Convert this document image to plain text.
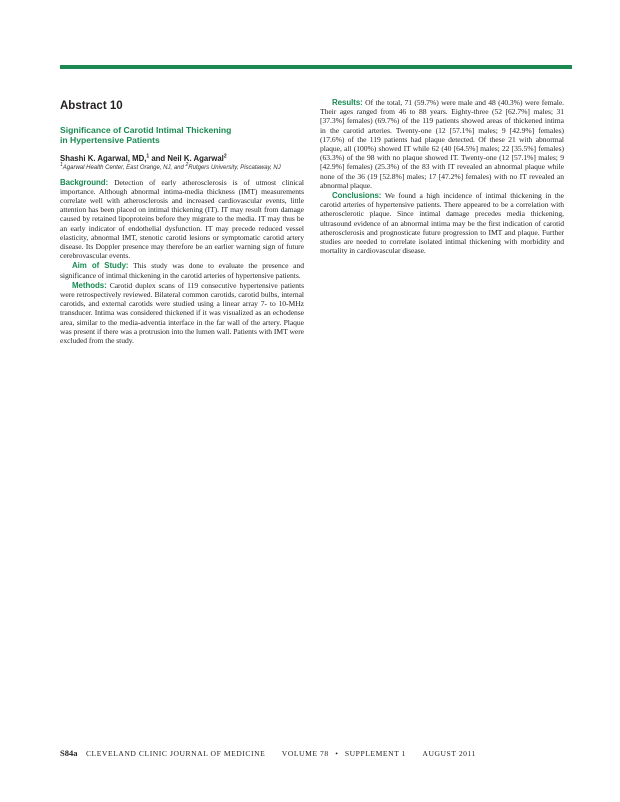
Abstract 10
Significance of Carotid Intimal Thickening
in Hypertensive Patients

Shashi K. Agarwal, MD,$^1$ and Neil K. Agarwal$^2$

$^1$Agarwal Health Center, East Orange, NJ, and $^2$Rutgers University, Piscataway, NJ

Background: Detection of early atherosclerosis is of utmost clinical importance. Although abnormal intima-media thickness (IMT) measurements correlate well with atherosclerosis and increased cardiovascular events, little attention has been placed on intimal thickening (IT). IT may result from damage caused by retained lipoproteins before they migrate to the media. IT may thus be an early indicator of endothelial dysfunction. IT may precede reduced vessel elasticity, abnormal IMT, stenotic carotid lesions or symptomatic carotid artery disease. Its Doppler presence may therefore be an earlier warning sign of future cerebrovascular events.

Aim of Study: This study was done to evaluate the presence and significance of intimal thickening in the carotid arteries of hypertensive patients.

Methods: Carotid duplex scans of 119 consecutive hypertensive patients were retrospectively reviewed. Bilateral common carotids, carotid bulbs, internal carotids, and external carotids were studied using a linear array 7- to 10-MHz transducer. Intima was considered thickened if it was visualized as an echodense area, similar to the media-adventia interface in the far wall of the artery. Plaque was present if there was a protrusion into the lumen wall. Patients with IMT were excluded from the study.

Results: Of the total, 71 (59.7%) were male and 48 (40.3%) were female. Their ages ranged from 46 to 88 years. Eighty-three (52 [62.7%] males; 31 [37.3%] females) (69.7%) of the 119 patients showed areas of thickened intima in the carotid arteries. Twenty-one (12 [57.1%] males; 9 [42.9%] females) (17.6%) of the 119 patients had plaque detected. Of these 21 with abnormal plaque, all (100%) showed IT while 62 (40 [64.5%] males; 22 [35.5%] females) (63.3%) of the 98 with no plaque showed IT. Twenty-one (12 [57.1%] males; 9 [42.9%] females) (25.3%) of the 83 with IT revealed an abnormal plaque while none of the 36 (19 [52.8%] males; 17 [47.2%] females) with no IT revealed an abnormal plaque.

Conclusions: We found a high incidence of intimal thickening in the carotid arteries of hypertensive patients. There appeared to be a correlation with atherosclerotic plaque. Since intimal damage precedes media thickening, ultrasound evidence of an abnormal intima may be the first indication of carotid atherosclerosis and prognosticate future progression to IMT and plaque. Further studies are needed to correlate isolated intimal thickening with morbidity and mortality in cardiovascular disease.

S84a CLEVELAND CLINIC JOURNAL OF MEDICINE VOLUME 78 • SUPPLEMENT 1 AUGUST 2011
